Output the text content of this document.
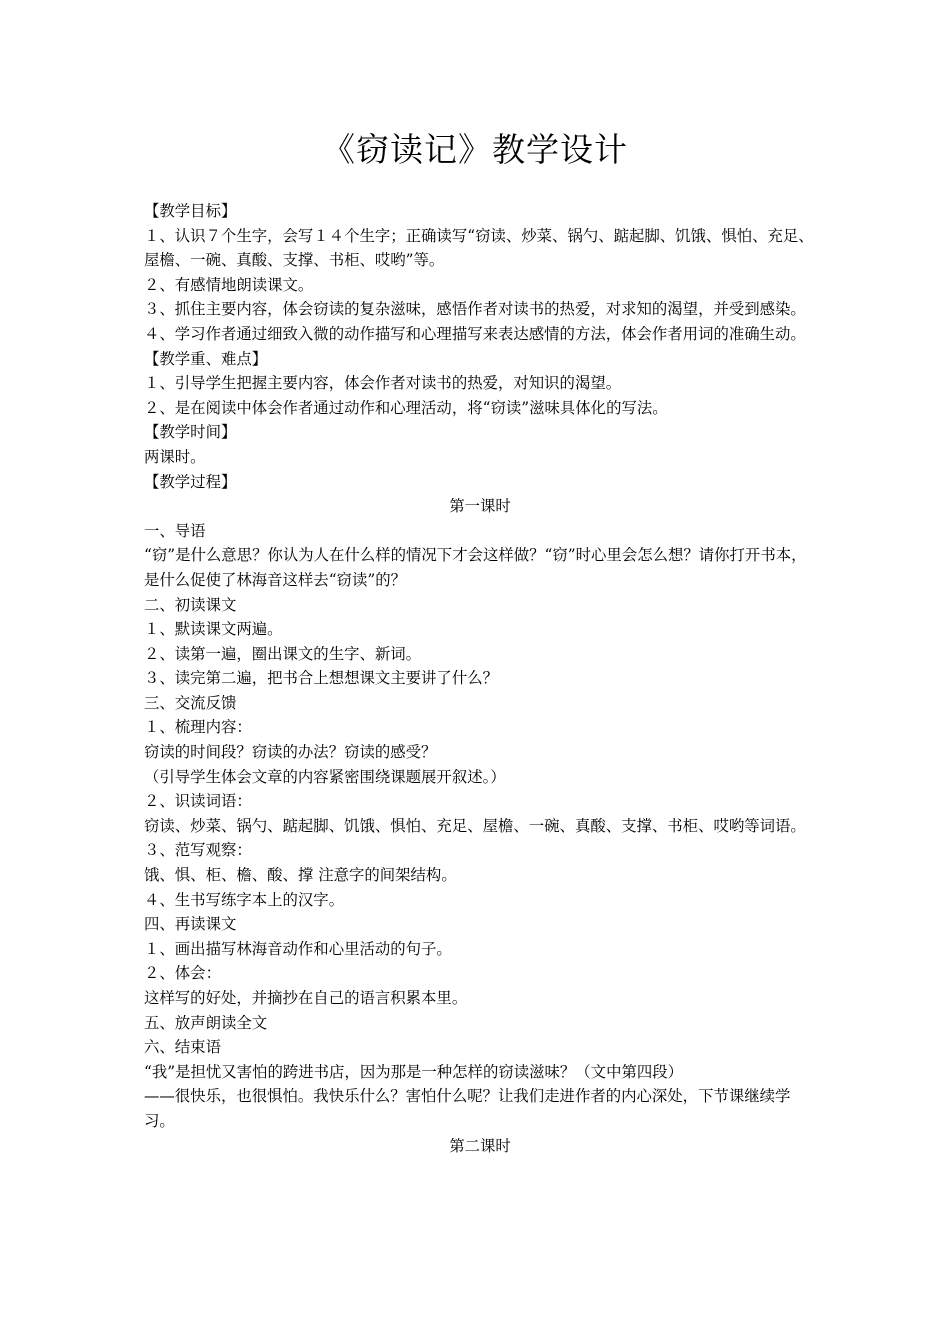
《窃读记》教学设计

【教学目标】

１、认识７个生字，会写１４个生字；正确读写“窃读、炒菜、锅勺、踮起脚、饥饿、惧怕、充足、屋檐、一碗、真酸、支撑、书柜、哎哟”等。

２、有感情地朗读课文。

３、抓住主要内容，体会窃读的复杂滋味，感悟作者对读书的热爱，对求知的渴望，并受到感染。

４、学习作者通过细致入微的动作描写和心理描写来表达感情的方法，体会作者用词的准确生动。

【教学重、难点】

１、引导学生把握主要内容，体会作者对读书的热爱，对知识的渴望。

２、是在阅读中体会作者通过动作和心理活动，将“窃读”滋味具体化的写法。

【教学时间】

两课时。

【教学过程】

第一课时

一、导语

“窃”是什么意思？你认为人在什么样的情况下才会这样做？“窃”时心里会怎么想？请你打开书本，是什么促使了林海音这样去“窃读”的？

二、初读课文

１、默读课文两遍。

２、读第一遍，圈出课文的生字、新词。

３、读完第二遍，把书合上想想课文主要讲了什么？

三、交流反馈

１、梳理内容：

窃读的时间段？窃读的办法？窃读的感受？

（引导学生体会文章的内容紧密围绕课题展开叙述。）

２、识读词语：

窃读、炒菜、锅勺、踮起脚、饥饿、惧怕、充足、屋檐、一碗、真酸、支撑、书柜、哎哟等词语。

３、范写观察：

饿、惧、柜、檐、酸、撑 注意字的间架结构。

４、生书写练字本上的汉字。

四、再读课文

１、画出描写林海音动作和心里活动的句子。

２、体会：

这样写的好处，并摘抄在自己的语言积累本里。

五、放声朗读全文

六、结束语

“我”是担忧又害怕的跨进书店，因为那是一种怎样的窃读滋味？（文中第四段）

——很快乐，也很惧怕。我快乐什么？害怕什么呢？让我们走进作者的内心深处，下节课继续学习。

第二课时
